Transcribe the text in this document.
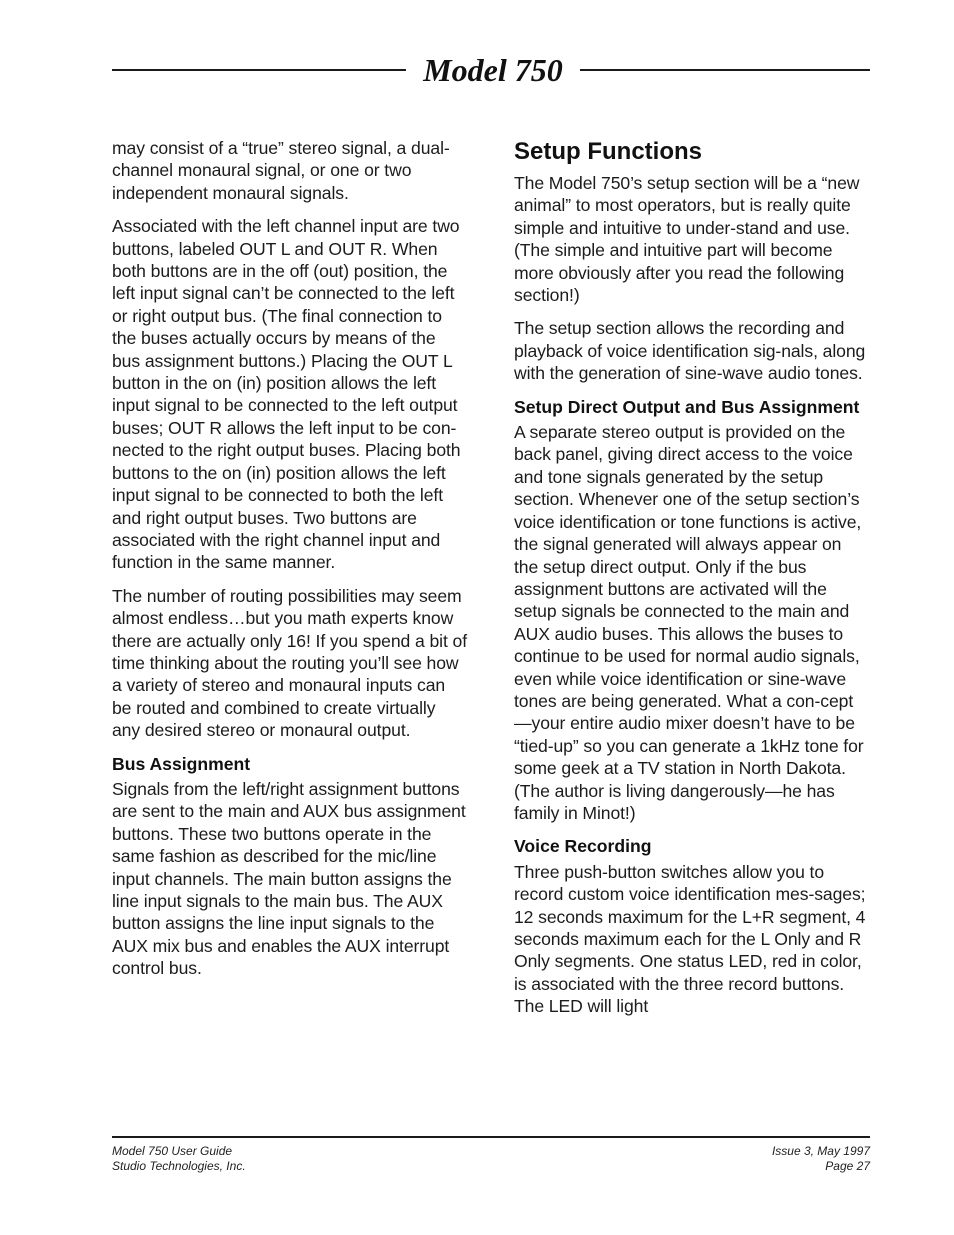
Model 750

may consist of a “true” stereo signal, a dual-channel monaural signal, or one or two independent monaural signals.

Associated with the left channel input are two buttons, labeled OUT L and OUT R. When both buttons are in the off (out) position, the left input signal can’t be connected to the left or right output bus. (The final connection to the buses actually occurs by means of the bus assignment buttons.) Placing the OUT L button in the on (in) position allows the left input signal to be connected to the left output buses; OUT R allows the left input to be con-nected to the right output buses. Placing both buttons to the on (in) position allows the left input signal to be connected to both the left and right output buses. Two buttons are associated with the right channel input and function in the same manner.

The number of routing possibilities may seem almost endless…but you math experts know there are actually only 16! If you spend a bit of time thinking about the routing you’ll see how a variety of stereo and monaural inputs can be routed and combined to create virtually any desired stereo or monaural output.

Bus Assignment

Signals from the left/right assignment buttons are sent to the main and AUX bus assignment buttons. These two buttons operate in the same fashion as described for the mic/line input channels. The main button assigns the line input signals to the main bus. The AUX button assigns the line input signals to the AUX mix bus and enables the AUX interrupt control bus.

Setup Functions

The Model 750’s setup section will be a “new animal” to most operators, but is really quite simple and intuitive to under-stand and use. (The simple and intuitive part will become more obviously after you read the following section!)

The setup section allows the recording and playback of voice identification sig-nals, along with the generation of sine-wave audio tones.

Setup Direct Output and Bus Assignment

A separate stereo output is provided on the back panel, giving direct access to the voice and tone signals generated by the setup section. Whenever one of the setup section’s voice identification or tone functions is active, the signal generated will always appear on the setup direct output. Only if the bus assignment buttons are activated will the setup signals be connected to the main and AUX audio buses. This allows the buses to continue to be used for normal audio signals, even while voice identification or sine-wave tones are being generated. What a con-cept—your entire audio mixer doesn’t have to be “tied-up” so you can generate a 1kHz tone for some geek at a TV station in North Dakota. (The author is living dangerously—he has family in Minot!)

Voice Recording

Three push-button switches allow you to record custom voice identification mes-sages; 12 seconds maximum for the L+R segment, 4 seconds maximum each for the L Only and R Only segments. One status LED, red in color, is associated with the three record buttons. The LED will light

Model 750 User Guide
Studio Technologies, Inc.
Issue 3, May 1997
Page 27
